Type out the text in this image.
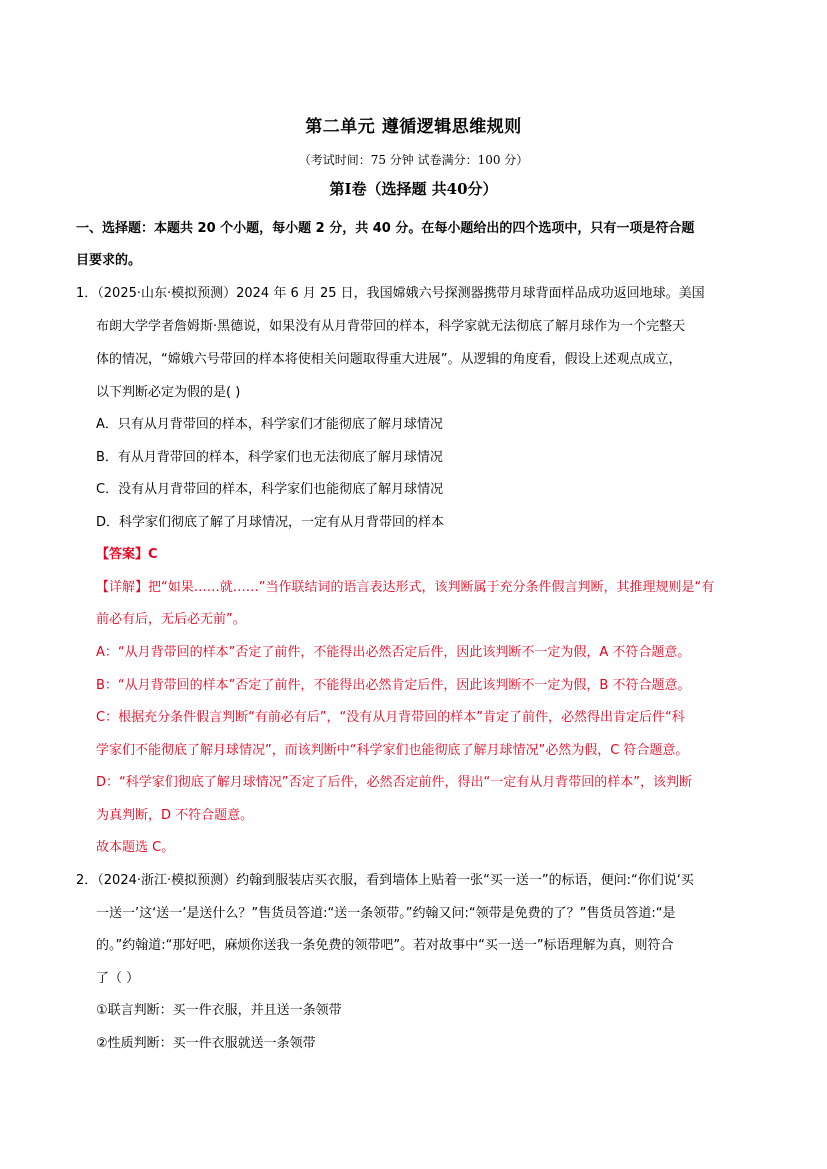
第二单元 遵循逻辑思维规则
（考试时间：75 分钟 试卷满分：100 分）
第Ⅰ卷（选择题 共40分）
一、选择题：本题共 20 个小题，每小题 2 分，共 40 分。在每小题给出的四个选项中，只有一项是符合题
目要求的。
1．（2025·山东·模拟预测）2024 年 6 月 25 日，我国嫦娥六号探测器携带月球背面样品成功返回地球。美国
布朗大学学者詹姆斯·黑德说，如果没有从月背带回的样本，科学家就无法彻底了解月球作为一个完整天
体的情况，“嫦娥六号带回的样本将使相关问题取得重大进展”。从逻辑的角度看，假设上述观点成立，
以下判断必定为假的是( )
A．只有从月背带回的样本，科学家们才能彻底了解月球情况
B．有从月背带回的样本，科学家们也无法彻底了解月球情况
C．没有从月背带回的样本，科学家们也能彻底了解月球情况
D．科学家们彻底了解了月球情况，一定有从月背带回的样本
【答案】C
【详解】把“如果……就……”当作联结词的语言表达形式，该判断属于充分条件假言判断，其推理规则是“有
前必有后，无后必无前”。
A：“从月背带回的样本”否定了前件，不能得出必然否定后件，因此该判断不一定为假，A 不符合题意。
B：“从月背带回的样本”否定了前件，不能得出必然肯定后件，因此该判断不一定为假，B 不符合题意。
C：根据充分条件假言判断“有前必有后”，“没有从月背带回的样本”肯定了前件，必然得出肯定后件“科
学家们不能彻底了解月球情况”，而该判断中“科学家们也能彻底了解月球情况”必然为假，C 符合题意。
D：“科学家们彻底了解月球情况”否定了后件，必然否定前件，得出“一定有从月背带回的样本”，该判断
为真判断，D 不符合题意。
故本题选 C。
2．（2024·浙江·模拟预测）约翰到服装店买衣服，看到墙体上贴着一张“买一送一”的标语，便问:“你们说‘买
一送一’这‘送一’是送什么？”售货员答道:“送一条领带。”约翰又问:“领带是免费的了？”售货员答道:“是
的。”约翰道:“那好吧，麻烦你送我一条免费的领带吧”。若对故事中“买一送一”标语理解为真，则符合
了（ ）
①联言判断：买一件衣服，并且送一条领带
②性质判断：买一件衣服就送一条领带
